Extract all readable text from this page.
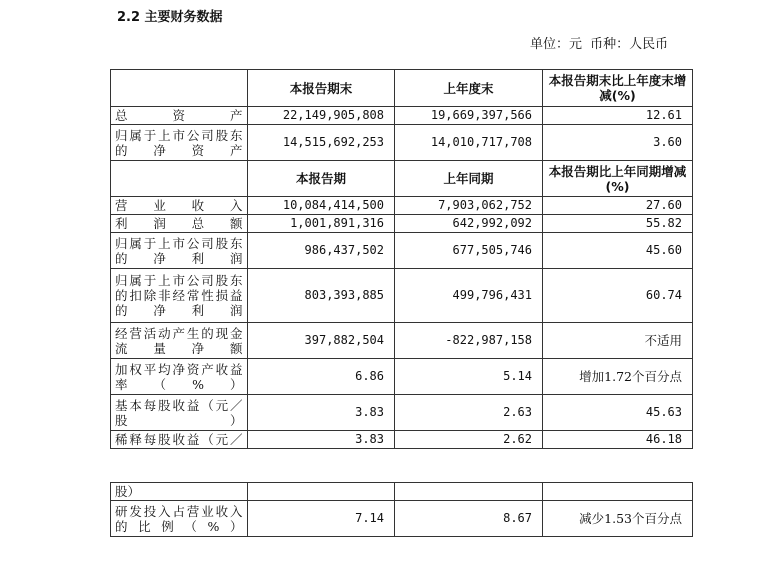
2.2 主要财务数据
单位：元 币种：人民币
	本报告期末	上年度末	本报告期末比上年度末增减(%)
总资产	22,149,905,808	19,669,397,566	12.61
归属于上市公司股东的净资产	14,515,692,253	14,010,717,708	3.60
	本报告期	上年同期	本报告期比上年同期增减(%)
营业收入	10,084,414,500	7,903,062,752	27.60
利润总额	1,001,891,316	642,992,092	55.82
归属于上市公司股东的净利润	986,437,502	677,505,746	45.60
归属于上市公司股东的扣除非经常性损益的净利润	803,393,885	499,796,431	60.74
经营活动产生的现金流量净额	397,882,504	-822,987,158	不适用
加权平均净资产收益率（%）	6.86	5.14	增加1.72个百分点
基本每股收益（元／股）	3.83	2.63	45.63
稀释每股收益（元／	3.83	2.62	46.18
股）			
研发投入占营业收入的比例（%）	7.14	8.67	减少1.53个百分点
